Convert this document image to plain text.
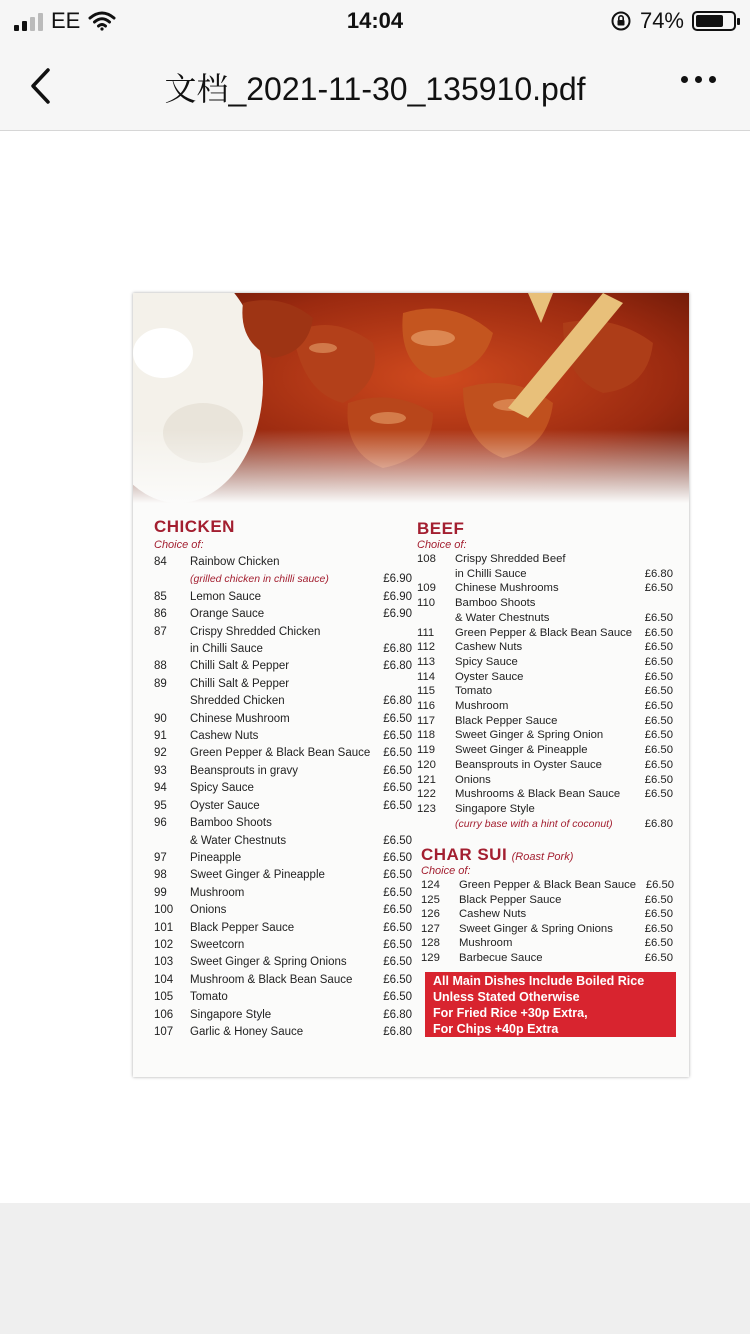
EE	14:04	74%
文档_2021-11-30_135910.pdf
CHICKEN
Choice of:
84	Rainbow Chicken
(grilled chicken in chilli sauce)	£6.90
85	Lemon Sauce	£6.90
86	Orange Sauce	£6.90
87	Crispy Shredded Chicken
in Chilli Sauce	£6.80
88	Chilli Salt & Pepper	£6.80
89	Chilli Salt & Pepper
Shredded Chicken	£6.80
90	Chinese Mushroom	£6.50
91	Cashew Nuts	£6.50
92	Green Pepper & Black Bean Sauce	£6.50
93	Beansprouts in gravy	£6.50
94	Spicy Sauce	£6.50
95	Oyster Sauce	£6.50
96	Bamboo Shoots
& Water Chestnuts	£6.50
97	Pineapple	£6.50
98	Sweet Ginger & Pineapple	£6.50
99	Mushroom	£6.50
100	Onions	£6.50
101	Black Pepper Sauce	£6.50
102	Sweetcorn	£6.50
103	Sweet Ginger & Spring Onions	£6.50
104	Mushroom & Black Bean Sauce	£6.50
105	Tomato	£6.50
106	Singapore Style	£6.80
107	Garlic & Honey Sauce	£6.80
BEEF
Choice of:
108	Crispy Shredded Beef
in Chilli Sauce	£6.80
109	Chinese Mushrooms	£6.50
110	Bamboo Shoots
& Water Chestnuts	£6.50
111	Green Pepper & Black Bean Sauce	£6.50
112	Cashew Nuts	£6.50
113	Spicy Sauce	£6.50
114	Oyster Sauce	£6.50
115	Tomato	£6.50
116	Mushroom	£6.50
117	Black Pepper Sauce	£6.50
118	Sweet Ginger & Spring Onion	£6.50
119	Sweet Ginger & Pineapple	£6.50
120	Beansprouts in Oyster Sauce	£6.50
121	Onions	£6.50
122	Mushrooms & Black Bean Sauce	£6.50
123	Singapore Style
(curry base with a hint of coconut)	£6.80
CHAR SUI (Roast Pork)
Choice of:
124	Green Pepper & Black Bean Sauce £6.50
125	Black Pepper Sauce	£6.50
126	Cashew Nuts	£6.50
127	Sweet Ginger & Spring Onions	£6.50
128	Mushroom	£6.50
129	Barbecue Sauce	£6.50
All Main Dishes Include Boiled Rice
Unless Stated Otherwise
For Fried Rice +30p Extra,
For Chips +40p Extra
